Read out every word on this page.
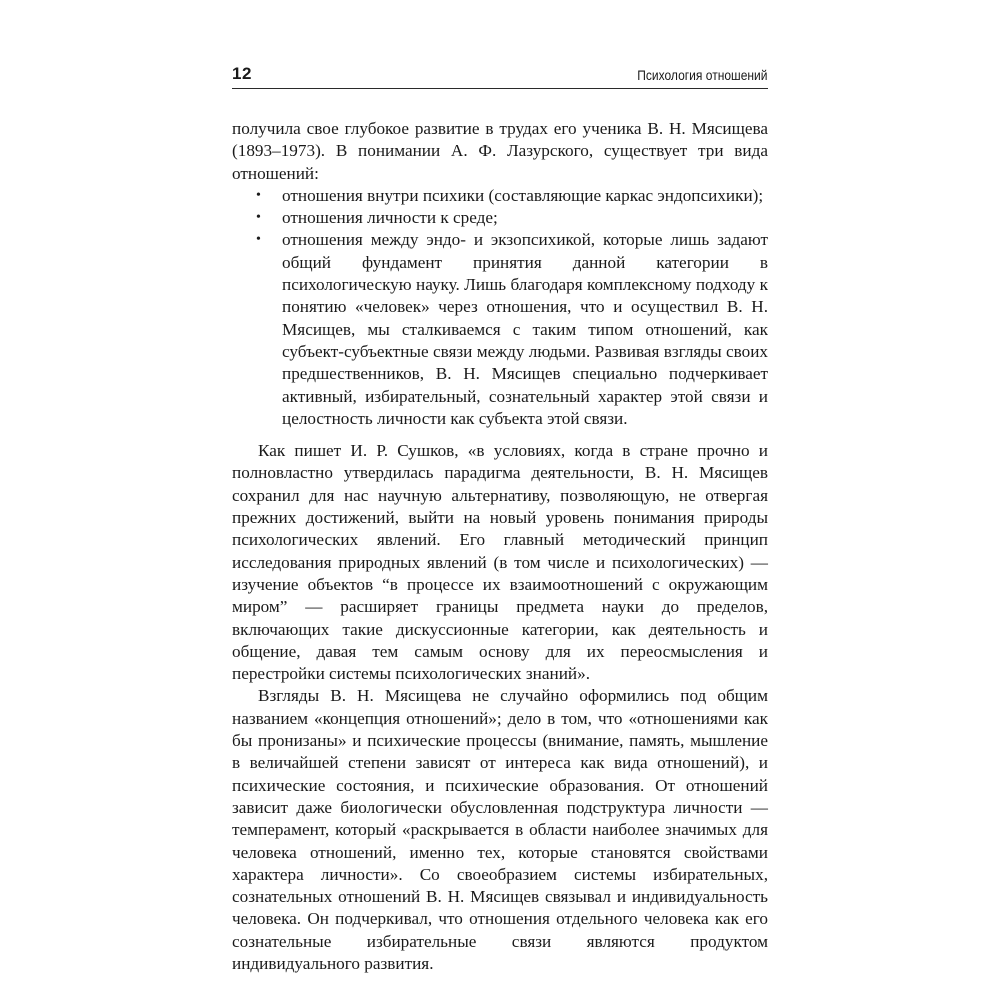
12	Психология отношений

получила свое глубокое развитие в трудах его ученика В. Н. Мясищева (1893–1973). В понимании А. Ф. Лазурского, существует три вида отношений:

• отношения внутри психики (составляющие каркас эндопсихики);
• отношения личности к среде;
• отношения между эндо- и экзопсихикой, которые лишь задают общий фундамент принятия данной категории в психологическую науку. Лишь благодаря комплексному подходу к понятию «человек» через отношения, что и осуществил В. Н. Мясищев, мы сталкиваемся с таким типом отношений, как субъект-субъектные связи между людьми. Развивая взгляды своих предшественников, В. Н. Мясищев специально подчеркивает активный, избирательный, сознательный характер этой связи и целостность личности как субъекта этой связи.

Как пишет И. Р. Сушков, «в условиях, когда в стране прочно и полновластно утвердилась парадигма деятельности, В. Н. Мясищев сохранил для нас научную альтернативу, позволяющую, не отвергая прежних достижений, выйти на новый уровень понимания природы психологических явлений. Его главный методический принцип исследования природных явлений (в том числе и психологических) — изучение объектов “в процессе их взаимоотношений с окружающим миром” — расширяет границы предмета науки до пределов, включающих такие дискуссионные категории, как деятельность и общение, давая тем самым основу для их переосмысления и перестройки системы психологических знаний».

Взгляды В. Н. Мясищева не случайно оформились под общим названием «концепция отношений»; дело в том, что «отношениями как бы пронизаны» и психические процессы (внимание, память, мышление в величайшей степени зависят от интереса как вида отношений), и психические состояния, и психические образования. От отношений зависит даже биологически обусловленная подструктура личности — темперамент, который «раскрывается в области наиболее значимых для человека отношений, именно тех, которые становятся свойствами характера личности». Со своеобразием системы избирательных, сознательных отношений В. Н. Мясищев связывал и индивидуальность человека. Он подчеркивал, что отношения отдельного человека как его сознательные избирательные связи являются продуктом индивидуального развития.
